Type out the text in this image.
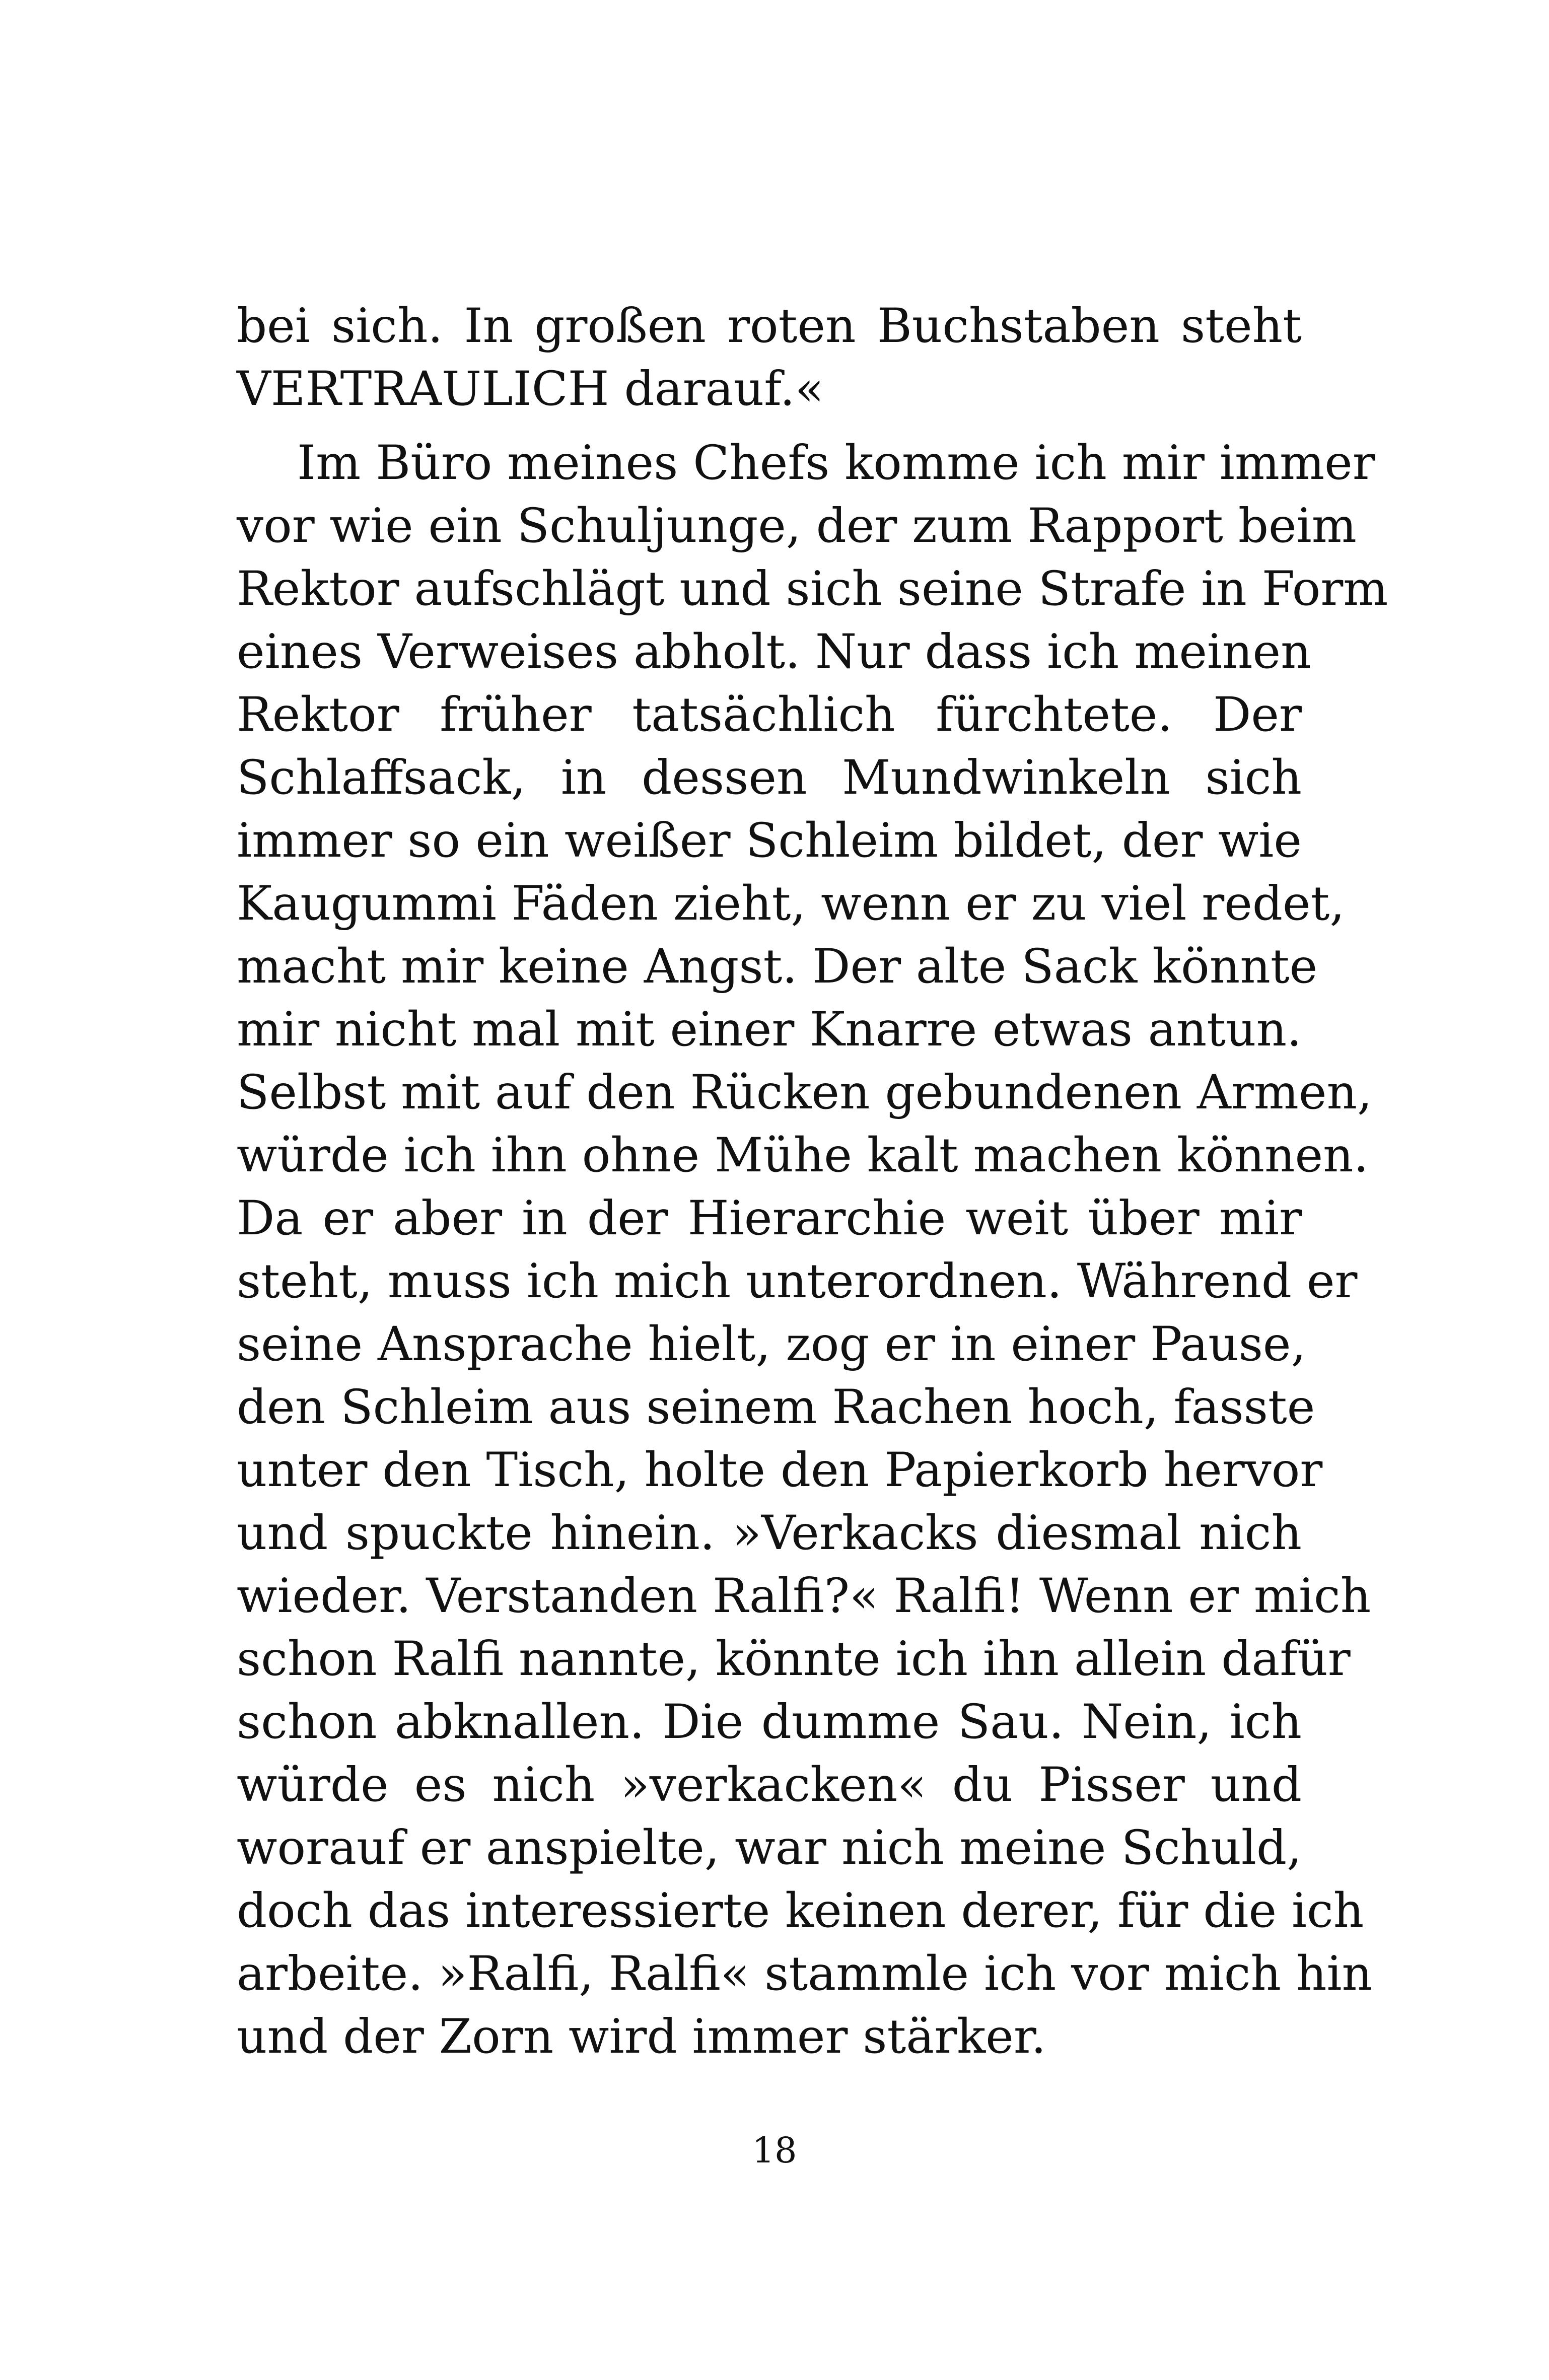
bei sich. In großen roten Buchstaben steht
VERTRAULICH darauf.«
Im Büro meines Chefs komme ich mir immer
vor wie ein Schuljunge, der zum Rapport beim
Rektor aufschlägt und sich seine Strafe in Form
eines Verweises abholt. Nur dass ich meinen
Rektor früher tatsächlich fürchtete. Der
Schlaffsack, in dessen Mundwinkeln sich
immer so ein weißer Schleim bildet, der wie
Kaugummi Fäden zieht, wenn er zu viel redet,
macht mir keine Angst. Der alte Sack könnte
mir nicht mal mit einer Knarre etwas antun.
Selbst mit auf den Rücken gebundenen Armen,
würde ich ihn ohne Mühe kalt machen können.
Da er aber in der Hierarchie weit über mir
steht, muss ich mich unterordnen. Während er
seine Ansprache hielt, zog er in einer Pause,
den Schleim aus seinem Rachen hoch, fasste
unter den Tisch, holte den Papierkorb hervor
und spuckte hinein. »Verkacks diesmal nich
wieder. Verstanden Ralfi?« Ralfi! Wenn er mich
schon Ralfi nannte, könnte ich ihn allein dafür
schon abknallen. Die dumme Sau. Nein, ich
würde es nich »verkacken« du Pisser und
worauf er anspielte, war nich meine Schuld,
doch das interessierte keinen derer, für die ich
arbeite. »Ralfi, Ralfi« stammle ich vor mich hin
und der Zorn wird immer stärker.
18
